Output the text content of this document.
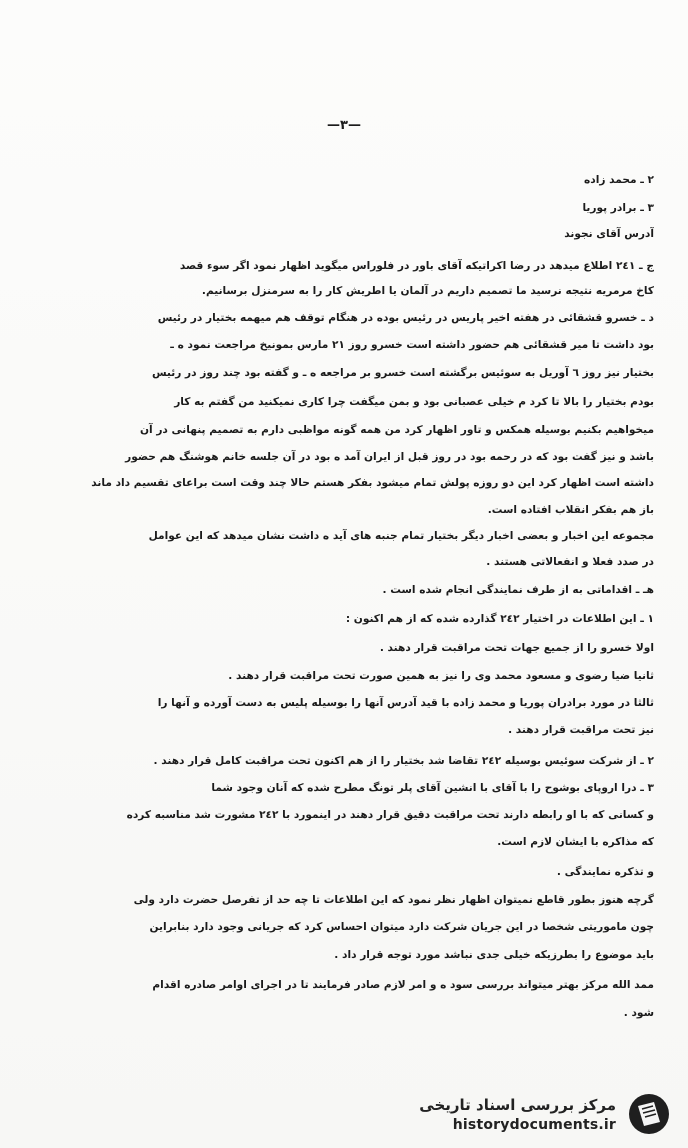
—٣—
٢ ـ محمد زاده
٣ ـ برادر پوریا
آدرس آقای نجوند
ج ـ ٢٤١ اطلاع میدهد در رضا اکراتیکه آقای باور در فلوراس میگوید اظهار نمود اگر سوء قصد
کاخ مرمریه نتیجه نرسید ما تصمیم داریم در آلمان یا اطریش کار را به سرمنزل برسانیم.
د ـ خسرو قشقائی در هفته اخیر پاریس در رئیس بوده در هنگام توقف هم میهمه بختیار در رئیس
بود داشت تا میر قشقائی هم حضور داشته است خسرو روز ٢١ مارس بمونیخ مراجعت نمود ه ـ
بختیار نیز روز ٦ آوریل به سوئیس برگشته است خسرو بر مراجعه ه ـ و گفته بود چند روز در رئیس
بودم بختیار را بالا تا کرد م خیلی عصبانی بود و بمن میگفت چرا کاری نمیکنید من گفتم به کار
میخواهیم بکنیم بوسیله همکس و تاور اظهار کرد من همه گونه مواظبی دارم به تصمیم پنهانی در آن
باشد و نیز گفت بود که در رحمه بود در روز قبل از ایران آمد ه بود در آن جلسه خانم هوشنگ هم حضور
داشته است اظهار کرد این دو روزه پولش تمام میشود بفکر هستم حالا چند وقت است براعای تقسیم داد ماند
باز هم بفکر انقلاب افتاده است.
مجموعه این اخبار و بعضی اخبار دیگر بختیار تمام جنبه های آید ه داشت نشان میدهد که این عوامل
در صدد فعلا و انفعالاتی هستند .
هـ ـ اقداماتی به از طرف نمایندگی انجام شده است .
١ ـ این اطلاعات در اختیار ٢٤٢ گذارده شده که از هم اکنون :
اولا خسرو را از جمیع جهات تحت مراقبت قرار دهند .
ثانیا ضیا رضوی و مسعود محمد وی را نیز به همین صورت تحت مراقبت قرار دهند .
ثالثا در مورد برادران پوریا و محمد زاده با قید آدرس آنها را بوسیله پلیس به دست آورده و آنها را
نیز تحت مراقبت قرار دهند .
٢ ـ از شرکت سوئیس بوسیله ٢٤٢ تقاضا شد بختیار را از هم اکنون تحت مراقبت کامل قرار دهند .
٣ ـ درا اروپای بوشوح را با آقای با انشین آقای پلر تونگ مطرح شده که آنان وجود شما
و کسانی که با او رابطه دارند تحت مراقبت دقیق قرار دهند در اینمورد با ٢٤٢ مشورت شد مناسبه کرده
که مذاکره با ایشان لازم است.
و تذکره نمایندگی .
گرچه هنوز بطور قاطع نمیتوان اظهار نظر نمود که این اطلاعات تا چه حد از تفرصل حضرت دارد ولی
چون ماموریتی شخصا در این جریان شرکت دارد میتوان احساس کرد که جریانی وجود دارد بنابراین
باید موضوع را بطرزیکه خیلی جدی نباشد مورد توجه قرار داد .
ممد الله مرکز بهتر میتواند بررسی سود ه و امر لازم صادر فرمایند تا در اجرای اوامر صادره اقدام
شود .
مرکز بررسی اسناد تاریخی
historydocuments.ir
